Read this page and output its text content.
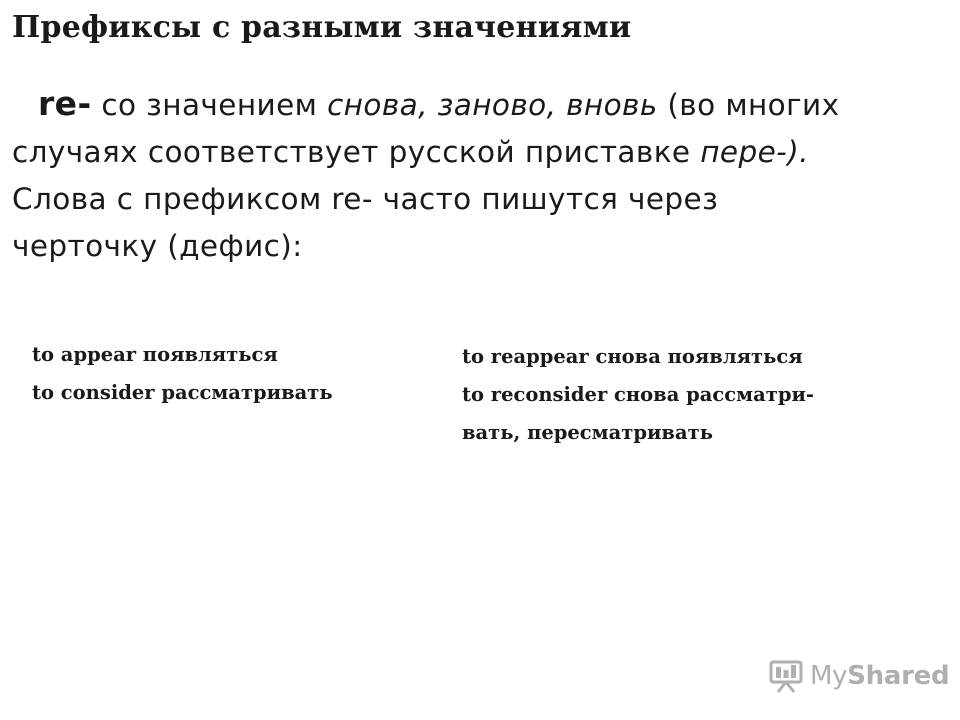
Префиксы с разными значениями
re- со значением снова, заново, вновь (во многих
случаях соответствует русской приставке пере-).
Слова с префиксом re- часто пишутся через
черточку (дефис):
to appear появляться
to consider рассматривать
to reappear снова появляться
to reconsider снова рассматри-
вать, пересматривать
MyShared
